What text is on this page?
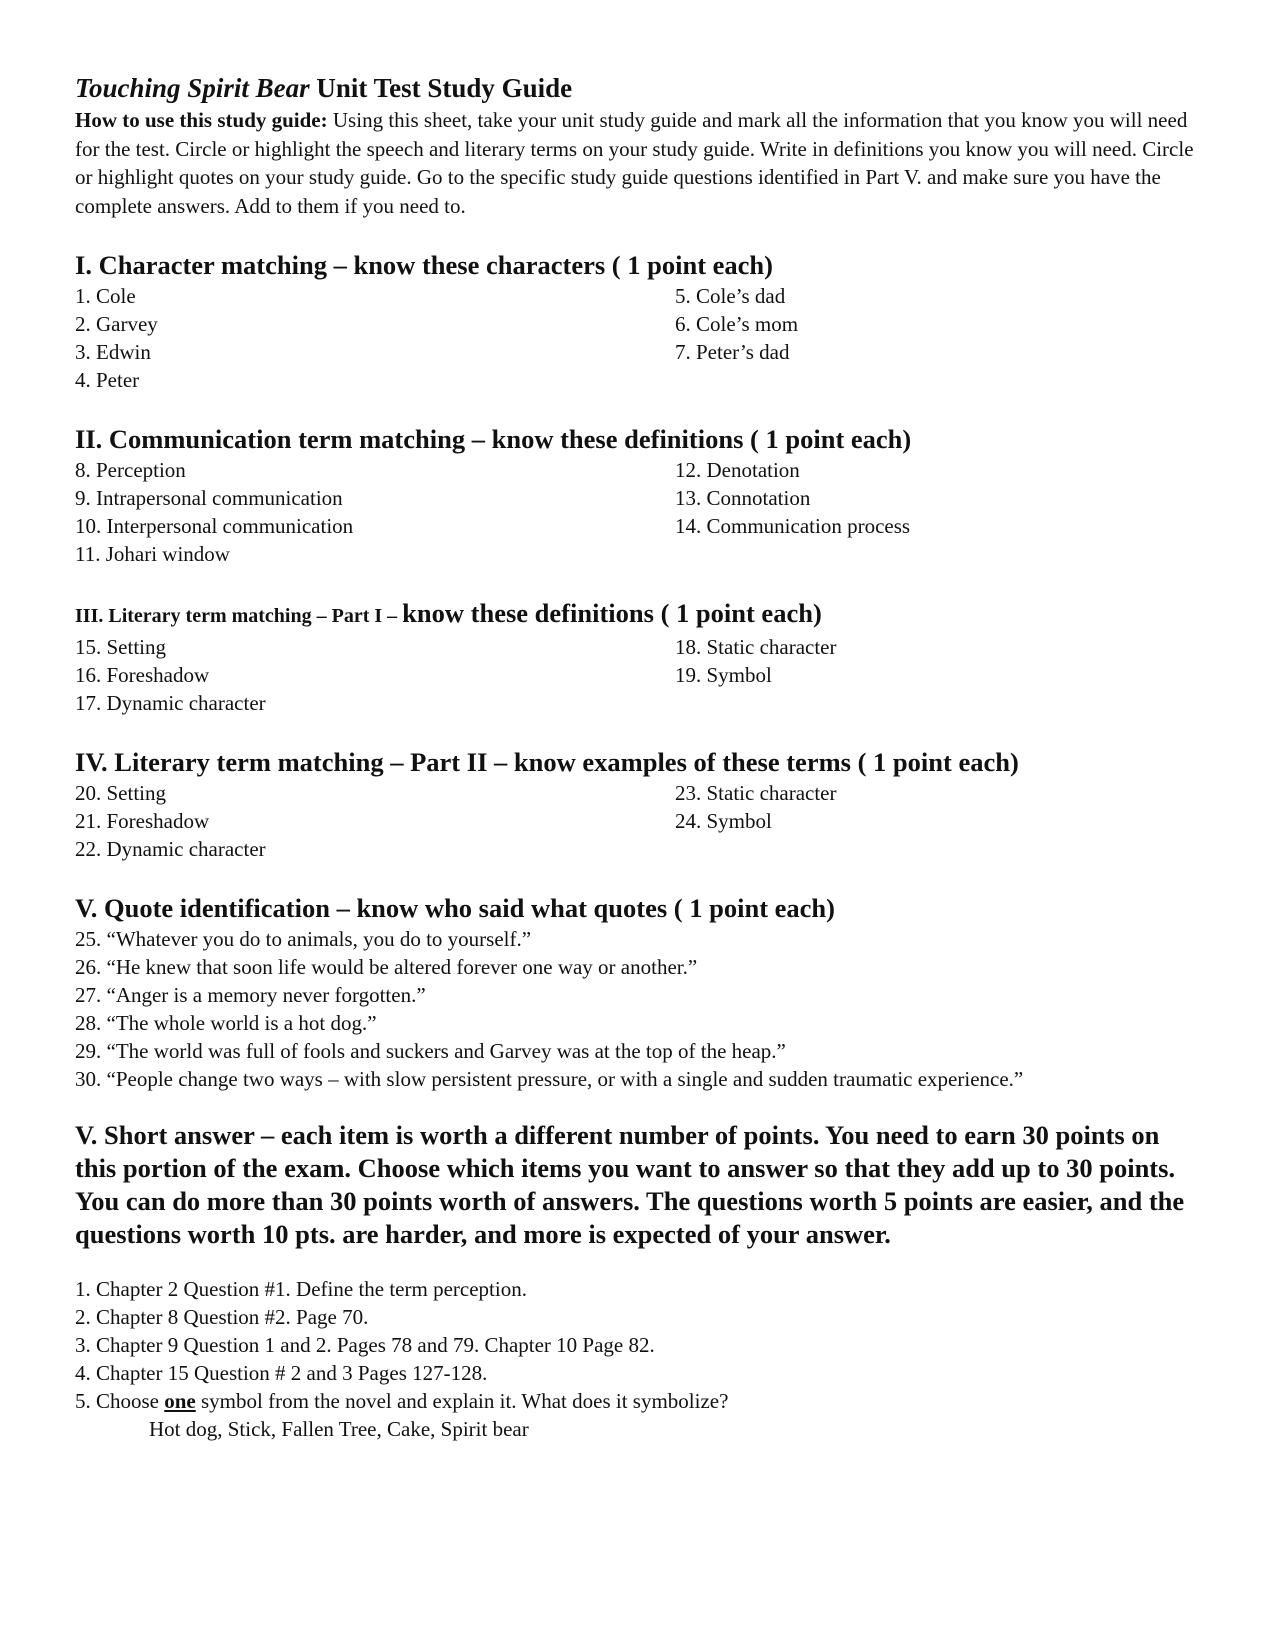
Touching Spirit Bear Unit Test Study Guide

How to use this study guide: Using this sheet, take your unit study guide and mark all the information that you know you will need for the test. Circle or highlight the speech and literary terms on your study guide. Write in definitions you know you will need. Circle or highlight quotes on your study guide. Go to the specific study guide questions identified in Part V. and make sure you have the complete answers. Add to them if you need to.

I. Character matching – know these characters ( 1 point each)
1. Cole
2. Garvey
3. Edwin
4. Peter
5. Cole’s dad
6. Cole’s mom
7. Peter’s dad
II. Communication term matching – know these definitions ( 1 point each)
8. Perception
9. Intrapersonal communication
10. Interpersonal communication
11. Johari window
12. Denotation
13. Connotation
14. Communication process
III. Literary term matching – Part I – know these definitions ( 1 point each)
15. Setting
16. Foreshadow
17. Dynamic character
18. Static character
19. Symbol
IV. Literary term matching – Part II – know examples of these terms ( 1 point each)
20. Setting
21. Foreshadow
22. Dynamic character
23. Static character
24. Symbol
V. Quote identification – know who said what quotes ( 1 point each)
25. “Whatever you do to animals, you do to yourself.”
26. “He knew that soon life would be altered forever one way or another.”
27. “Anger is a memory never forgotten.”
28. “The whole world is a hot dog.”
29. “The world was full of fools and suckers and Garvey was at the top of the heap.”
30. “People change two ways – with slow persistent pressure, or with a single and sudden traumatic experience.”

V. Short answer – each item is worth a different number of points. You need to earn 30 points on this portion of the exam. Choose which items you want to answer so that they add up to 30 points. You can do more than 30 points worth of answers. The questions worth 5 points are easier, and the questions worth 10 pts. are harder, and more is expected of your answer.

1. Chapter 2 Question #1. Define the term perception.
2. Chapter 8 Question #2. Page 70.
3. Chapter 9 Question 1 and 2. Pages 78 and 79. Chapter 10 Page 82.
4. Chapter 15 Question # 2 and 3 Pages 127-128.
5. Choose one symbol from the novel and explain it. What does it symbolize?
Hot dog, Stick, Fallen Tree, Cake, Spirit bear
